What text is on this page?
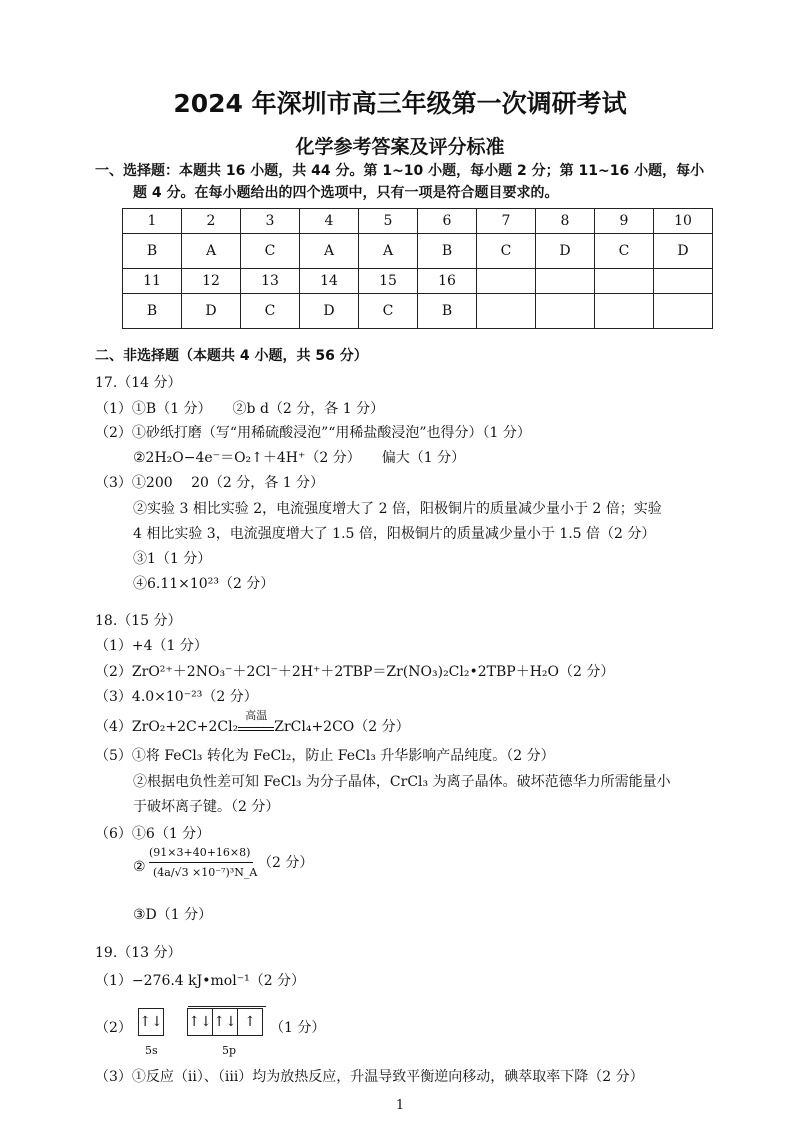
2024 年深圳市高三年级第一次调研考试
化学参考答案及评分标准
一、选择题：本题共 16 小题，共 44 分。第 1~10 小题，每小题 2 分；第 11~16 小题，每小
题 4 分。在每小题给出的四个选项中，只有一项是符合题目要求的。
1	2	3	4	5	6	7	8	9	10
B	A	C	A	A	B	C	D	C	D
11	12	13	14	15	16				
B	D	C	D	C	B				
二、非选择题（本题共 4 小题，共 56 分）
17.（14 分）
（1）①B（1 分）　　②b d（2 分，各 1 分）
（2）①砂纸打磨（写“用稀硫酸浸泡”“用稀盐酸浸泡”也得分）（1 分）
②2H₂O−4e⁻＝O₂↑＋4H⁺（2 分）　　偏大（1 分）
（3）①200　 20（2 分，各 1 分）
②实验 3 相比实验 2，电流强度增大了 2 倍，阳极铜片的质量减少量小于 2 倍；实验
4 相比实验 3，电流强度增大了 1.5 倍，阳极铜片的质量减少量小于 1.5 倍（2 分）
③1（1 分）
④6.11×10²³（2 分）
18.（15 分）
（1）+4（1 分）
（2）ZrO²⁺＋2NO₃⁻＋2Cl⁻＋2H⁺＋2TBP＝Zr(NO₃)₂Cl₂•2TBP＋H₂O（2 分）
（3）4.0×10⁻²³（2 分）
（4）ZrO₂+2C+2Cl₂
高温
ZrCl₄+2CO（2 分）
（5）①将 FeCl₃ 转化为 FeCl₂，防止 FeCl₃ 升华影响产品纯度。（2 分）
②根据电负性差可知 FeCl₃ 为分子晶体，CrCl₃ 为离子晶体。破坏范德华力所需能量小
于破坏离子键。（2 分）
（6）①6（1 分）
②
(91×3+40+16×8)
(4a/√3 ×10⁻⁷)³N_A
（2 分）
③D（1 分）
19.（13 分）
（1）−276.4 kJ•mol⁻¹（2 分）
（2） ↑↓
5s
↑↓ ↑↓ ↑
5p
（1 分）
（3）①反应（ii）、（iii）均为放热反应，升温导致平衡逆向移动，碘萃取率下降（2 分）
1
